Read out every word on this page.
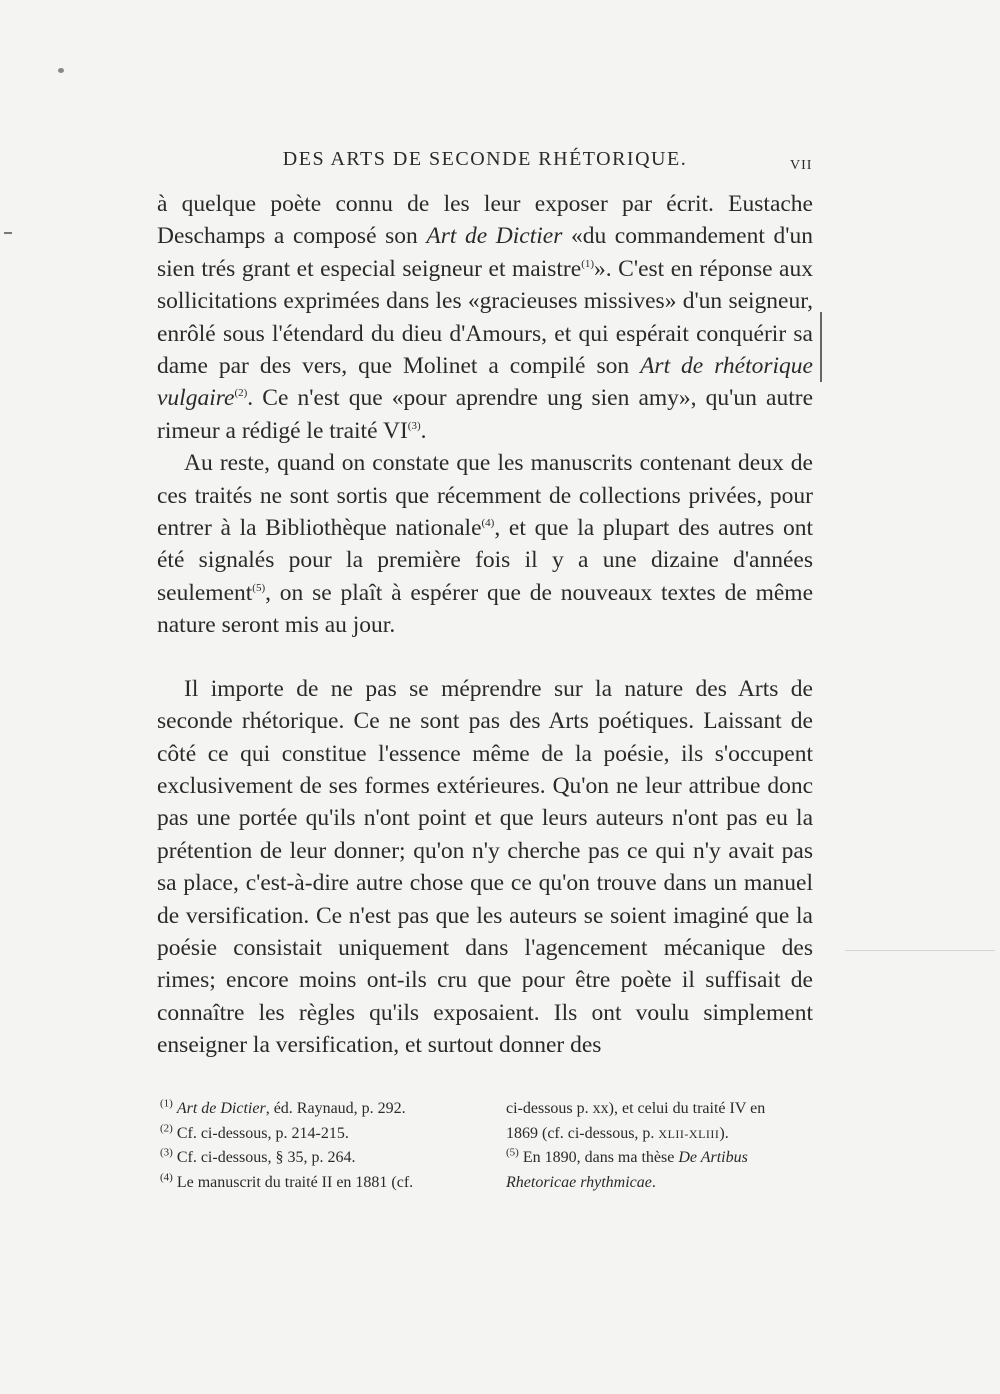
DES ARTS DE SECONDE RHÉTORIQUE.	VII

à quelque poète connu de les leur exposer par écrit. Eustache Deschamps a composé son Art de Dictier «du commandement d'un sien trés grant et especial seigneur et maistre$^{(1)}$». C'est en réponse aux sollicitations exprimées dans les «gracieuses missives» d'un seigneur, enrôlé sous l'étendard du dieu d'Amours, et qui espérait conquérir sa dame par des vers, que Molinet a compilé son Art de rhétorique vulgaire$^{(2)}$. Ce n'est que «pour aprendre ung sien amy», qu'un autre rimeur a rédigé le traité VI$^{(3)}$.

Au reste, quand on constate que les manuscrits contenant deux de ces traités ne sont sortis que récemment de collections privées, pour entrer à la Bibliothèque nationale$^{(4)}$, et que la plupart des autres ont été signalés pour la première fois il y a une dizaine d'années seulement$^{(5)}$, on se plaît à espérer que de nouveaux textes de même nature seront mis au jour.

Il importe de ne pas se méprendre sur la nature des Arts de seconde rhétorique. Ce ne sont pas des Arts poétiques. Laissant de côté ce qui constitue l'essence même de la poésie, ils s'occupent exclusivement de ses formes extérieures. Qu'on ne leur attribue donc pas une portée qu'ils n'ont point et que leurs auteurs n'ont pas eu la prétention de leur donner; qu'on n'y cherche pas ce qui n'y avait pas sa place, c'est-à-dire autre chose que ce qu'on trouve dans un manuel de versification. Ce n'est pas que les auteurs se soient imaginé que la poésie consistait uniquement dans l'agencement mécanique des rimes; encore moins ont-ils cru que pour être poète il suffisait de connaître les règles qu'ils exposaient. Ils ont voulu simplement enseigner la versification, et surtout donner des

$^{(1)}$ Art de Dictier, éd. Raynaud, p. 292.
$^{(2)}$ Cf. ci-dessous, p. 214-215.
$^{(3)}$ Cf. ci-dessous, § 35, p. 264.
$^{(4)}$ Le manuscrit du traité II en 1881 (cf.
ci-dessous p. xx), et celui du traité IV en
1869 (cf. ci-dessous, p. XLII-XLIII).
$^{(5)}$ En 1890, dans ma thèse De Artibus
Rhetoricae rhythmicae.
